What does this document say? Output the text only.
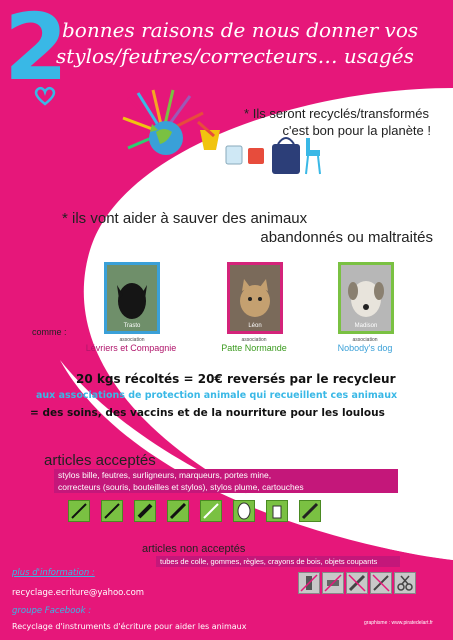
2
bonnes raisons de nous donner vos
stylos/feutres/correcteurs… usagés
* Ils seront recyclés/transformés
c'est bon pour la planète !
* ils vont aider à sauver des animaux
abandonnés ou maltraités
comme :
Trasto	Léon	Madison
association
Lévriers et Compagnie
association
Patte Normande
association
Nobody's dog
20 kgs récoltés = 20€ reversés par le recycleur
aux associations de protection animale qui recueillent ces animaux
= des soins, des vaccins et de la nourriture pour les loulous
articles acceptés
stylos bille, feutres, surligneurs, marqueurs, portes mine,
correcteurs (souris, bouteilles et stylos), stylos plume, cartouches
articles non acceptés
tubes de colle, gommes, règles, crayons de bois, objets coupants
plus d'information :
recyclage.ecriture@yahoo.com
groupe Facebook :
Recyclage d'instruments d'écriture pour aider les animaux	graphisme : www.piratedelart.fr
